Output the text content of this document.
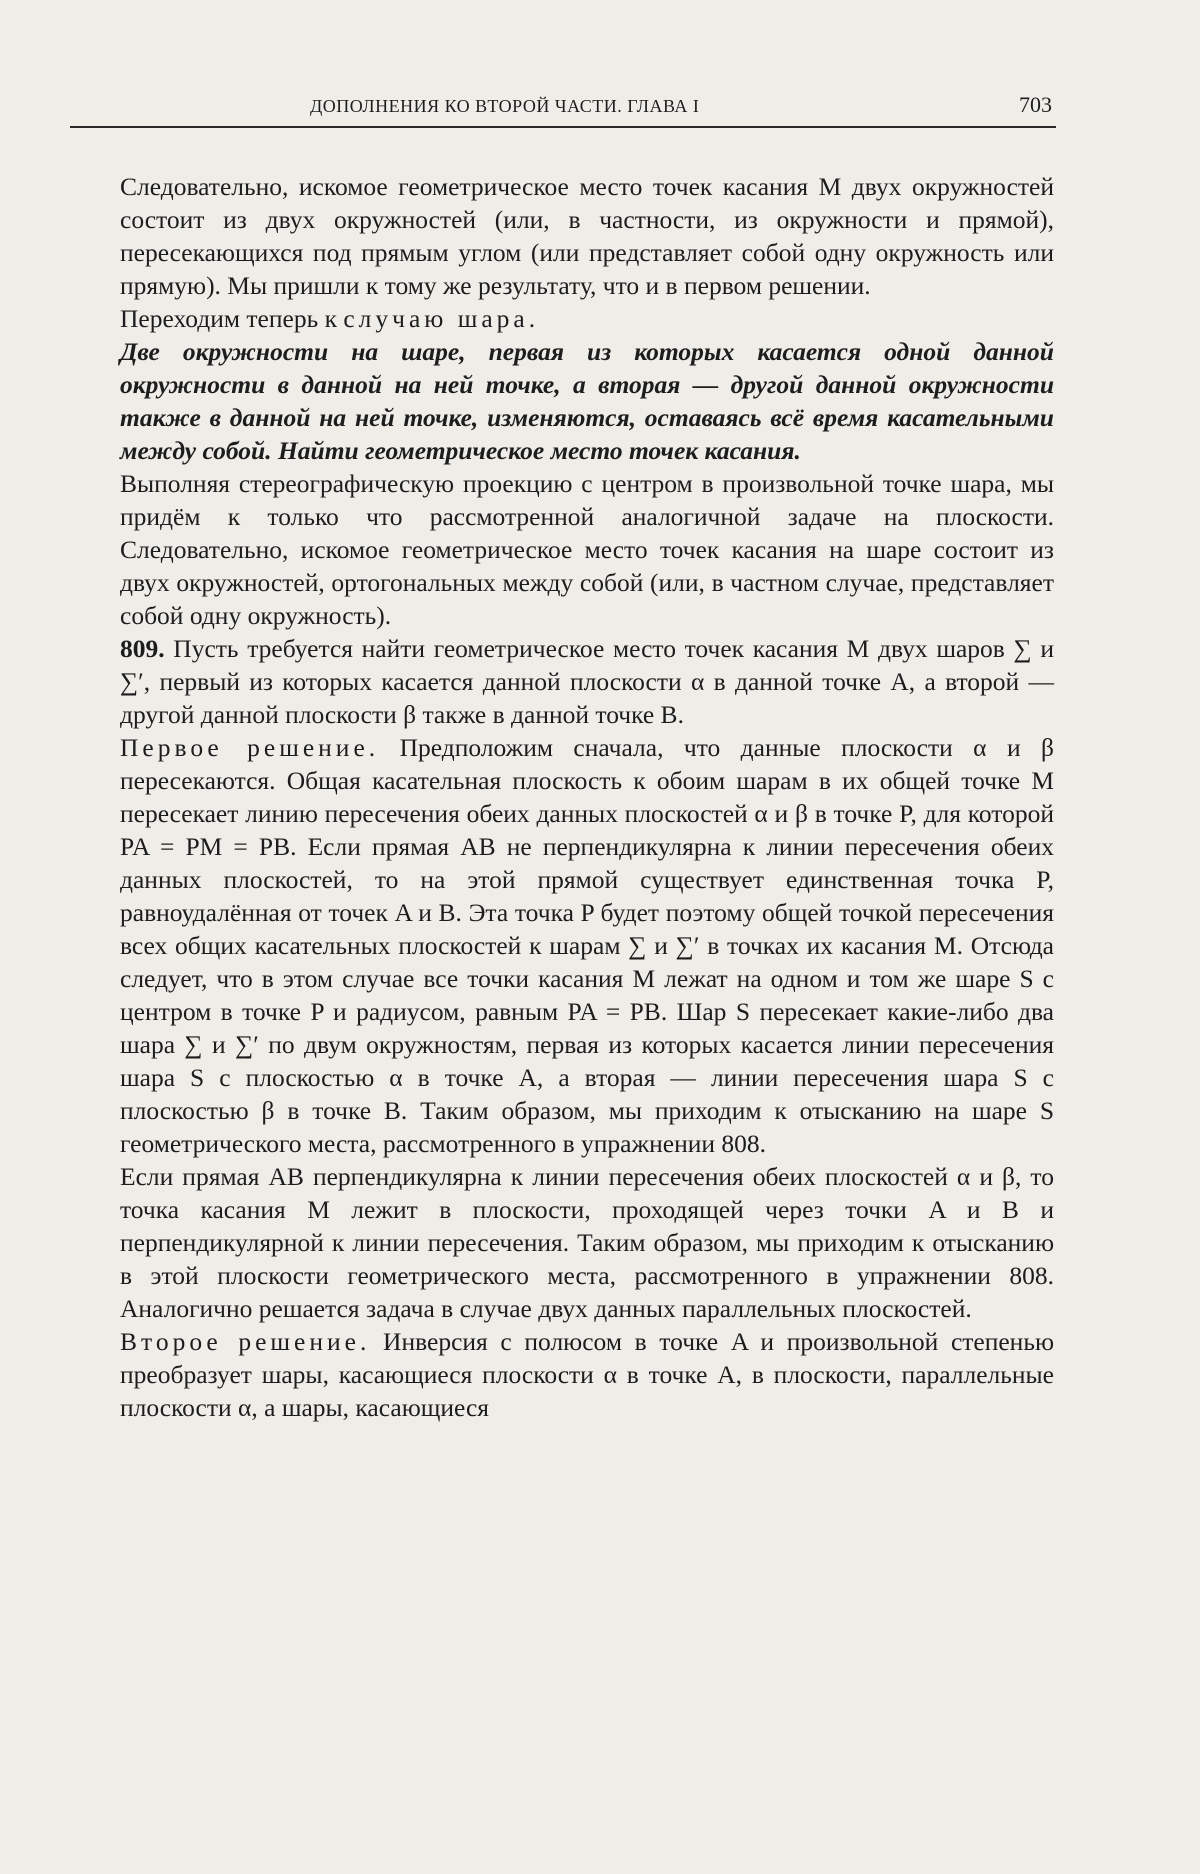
ДОПОЛНЕНИЯ КО ВТОРОЙ ЧАСТИ. ГЛАВА I	703

Следовательно, искомое геометрическое место точек касания M двух окружностей состоит из двух окружностей (или, в частности, из окружности и прямой), пересекающихся под прямым углом (или представляет собой одну окружность или прямую). Мы пришли к тому же результату, что и в первом решении.

Переходим теперь к случаю шара.

Две окружности на шаре, первая из которых касается одной данной окружности в данной на ней точке, а вторая — другой данной окружности также в данной на ней точке, изменяются, оставаясь всё время касательными между собой. Найти геометрическое место точек касания.

Выполняя стереографическую проекцию с центром в произвольной точке шара, мы придём к только что рассмотренной аналогичной задаче на плоскости. Следовательно, искомое геометрическое место точек касания на шаре состоит из двух окружностей, ортогональных между собой (или, в частном случае, представляет собой одну окружность).

809. Пусть требуется найти геометрическое место точек касания M двух шаров ∑ и ∑′, первый из которых касается данной плоскости α в данной точке A, а второй — другой данной плоскости β также в данной точке B.

Первое решение. Предположим сначала, что данные плоскости α и β пересекаются. Общая касательная плоскость к обоим шарам в их общей точке M пересекает линию пересечения обеих данных плоскостей α и β в точке P, для которой PA = PM = PB. Если прямая AB не перпендикулярна к линии пересечения обеих данных плоскостей, то на этой прямой существует единственная точка P, равноудалённая от точек A и B. Эта точка P будет поэтому общей точкой пересечения всех общих касательных плоскостей к шарам ∑ и ∑′ в точках их касания M. Отсюда следует, что в этом случае все точки касания M лежат на одном и том же шаре S с центром в точке P и радиусом, равным PA = PB. Шар S пересекает какие-либо два шара ∑ и ∑′ по двум окружностям, первая из которых касается линии пересечения шара S с плоскостью α в точке A, а вторая — линии пересечения шара S с плоскостью β в точке B. Таким образом, мы приходим к отысканию на шаре S геометрического места, рассмотренного в упражнении 808.

Если прямая AB перпендикулярна к линии пересечения обеих плоскостей α и β, то точка касания M лежит в плоскости, проходящей через точки A и B и перпендикулярной к линии пересечения. Таким образом, мы приходим к отысканию в этой плоскости геометрического места, рассмотренного в упражнении 808. Аналогично решается задача в случае двух данных параллельных плоскостей.

Второе решение. Инверсия с полюсом в точке A и произвольной степенью преобразует шары, касающиеся плоскости α в точке A, в плоскости, параллельные плоскости α, а шары, касающиеся
